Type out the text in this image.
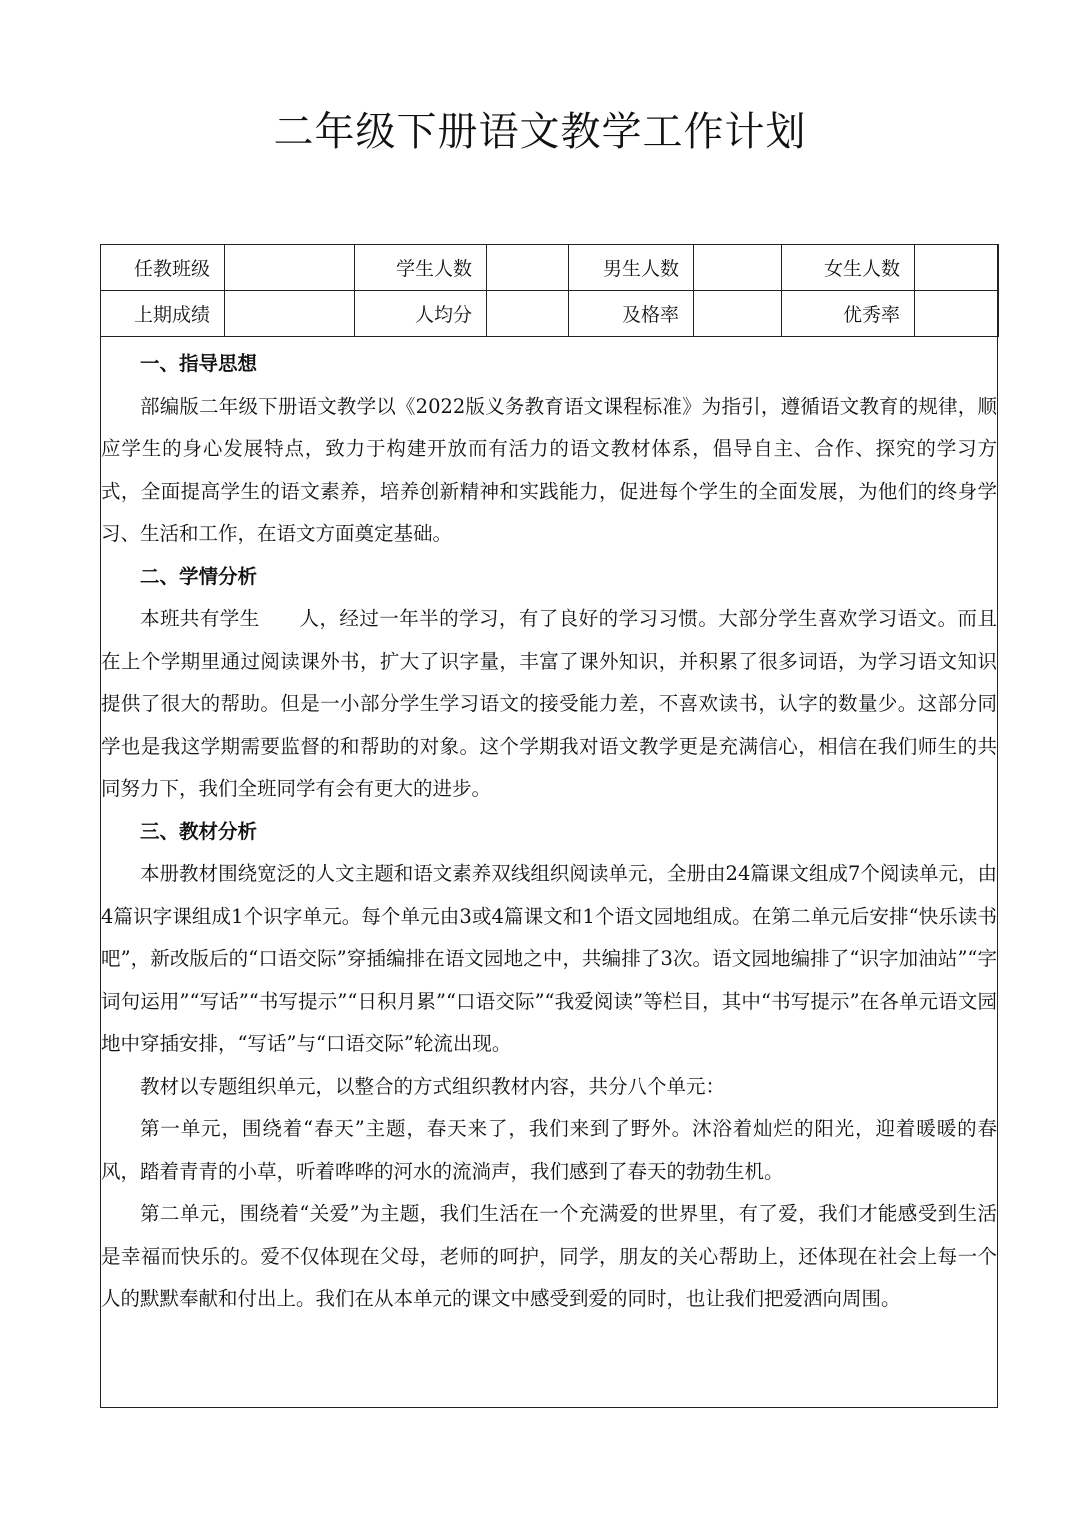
二年级下册语文教学工作计划
任教班级		学生人数		男生人数		女生人数	
上期成绩		人均分		及格率		优秀率	

一、指导思想

部编版二年级下册语文教学以《2022版义务教育语文课程标准》为指引，遵循语文教育的规律，顺应学生的身心发展特点，致力于构建开放而有活力的语文教材体系，倡导自主、合作、探究的学习方式，全面提高学生的语文素养，培养创新精神和实践能力，促进每个学生的全面发展，为他们的终身学习、生活和工作，在语文方面奠定基础。

二、学情分析

本班共有学生　　人，经过一年半的学习，有了良好的学习习惯。大部分学生喜欢学习语文。而且在上个学期里通过阅读课外书，扩大了识字量，丰富了课外知识，并积累了很多词语，为学习语文知识提供了很大的帮助。但是一小部分学生学习语文的接受能力差，不喜欢读书，认字的数量少。这部分同学也是我这学期需要监督的和帮助的对象。这个学期我对语文教学更是充满信心，相信在我们师生的共同努力下，我们全班同学有会有更大的进步。

三、教材分析

本册教材围绕宽泛的人文主题和语文素养双线组织阅读单元，全册由24篇课文组成7个阅读单元，由4篇识字课组成1个识字单元。每个单元由3或4篇课文和1个语文园地组成。在第二单元后安排“快乐读书吧”，新改版后的“口语交际”穿插编排在语文园地之中，共编排了3次。语文园地编排了“识字加油站”“字词句运用”“写话”“书写提示”“日积月累”“口语交际”“我爱阅读”等栏目，其中“书写提示”在各单元语文园地中穿插安排，“写话”与“口语交际”轮流出现。

教材以专题组织单元，以整合的方式组织教材内容，共分八个单元：

第一单元，围绕着“春天”主题，春天来了，我们来到了野外。沐浴着灿烂的阳光，迎着暖暖的春风，踏着青青的小草，听着哗哗的河水的流淌声，我们感到了春天的勃勃生机。

第二单元，围绕着“关爱”为主题，我们生活在一个充满爱的世界里，有了爱，我们才能感受到生活是幸福而快乐的。爱不仅体现在父母，老师的呵护，同学，朋友的关心帮助上，还体现在社会上每一个人的默默奉献和付出上。我们在从本单元的课文中感受到爱的同时，也让我们把爱洒向周围。
